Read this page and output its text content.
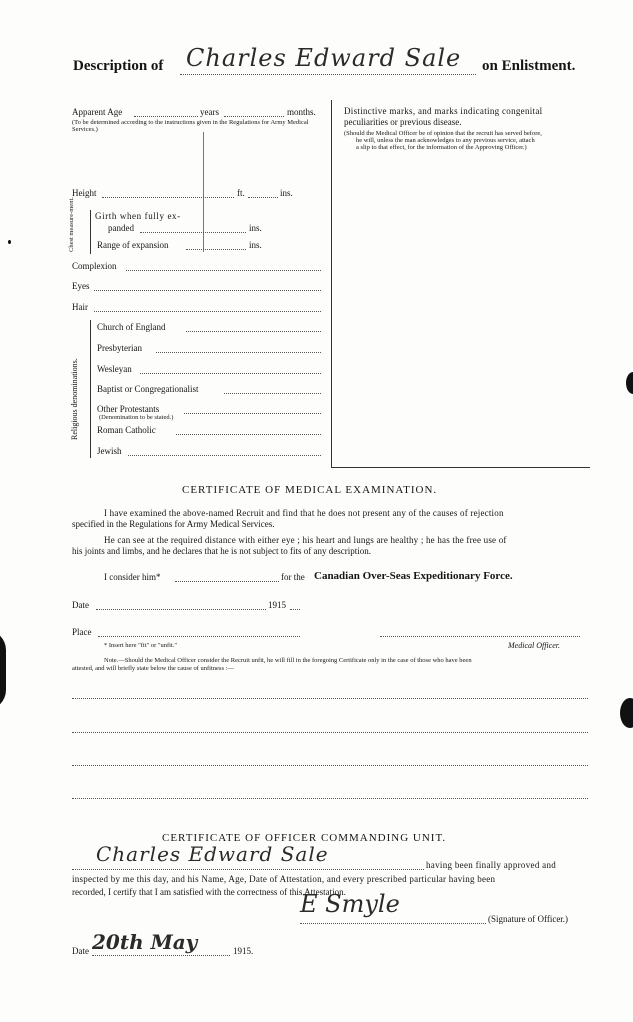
Description of Charles Edward Sale on Enlistment.
Apparent Age	years	months.
(To be determined according to the instructions given in the Regulations for Army Medical Services.)
Height	ft.	ins.
Chest measure-ment. Girth when fully ex-
panded	ins.
Range of expansion	ins.
Complexion
Eyes
Hair
Religious denominations.
Church of England
Presbyterian
Wesleyan
Baptist or Congregationalist
Other Protestants
(Denomination to be stated.)
Roman Catholic
Jewish
Distinctive marks, and marks indicating congenital
peculiarities or previous disease.
(Should the Medical Officer be of opinion that the recruit has served before,
he will, unless the man acknowledges to any previous service, attach
a slip to that effect, for the information of the Approving Officer.)
CERTIFICATE OF MEDICAL EXAMINATION.
I have examined the above-named Recruit and find that he does not present any of the causes of rejection
specified in the Regulations for Army Medical Services.
He can see at the required distance with either eye ; his heart and lungs are healthy ; he has the free use of
his joints and limbs, and he declares that he is not subject to fits of any description.
I consider him*	for the Canadian Over-Seas Expeditionary Force.
Date	1915
Place
* Insert here "fit" or "unfit."	Medical Officer.
Note.—Should the Medical Officer consider the Recruit unfit, he will fill in the foregoing Certificate only in the case of those who have been
attested, and will briefly state below the cause of unfitness :—
CERTIFICATE OF OFFICER COMMANDING UNIT.
Charles Edward Sale	having been finally approved and
inspected by me this day, and his Name, Age, Date of Attestation, and every prescribed particular having been
recorded, I certify that I am satisfied with the correctness of this Attestation.
E Smyle
(Signature of Officer.)
Date 20th May	1915.
